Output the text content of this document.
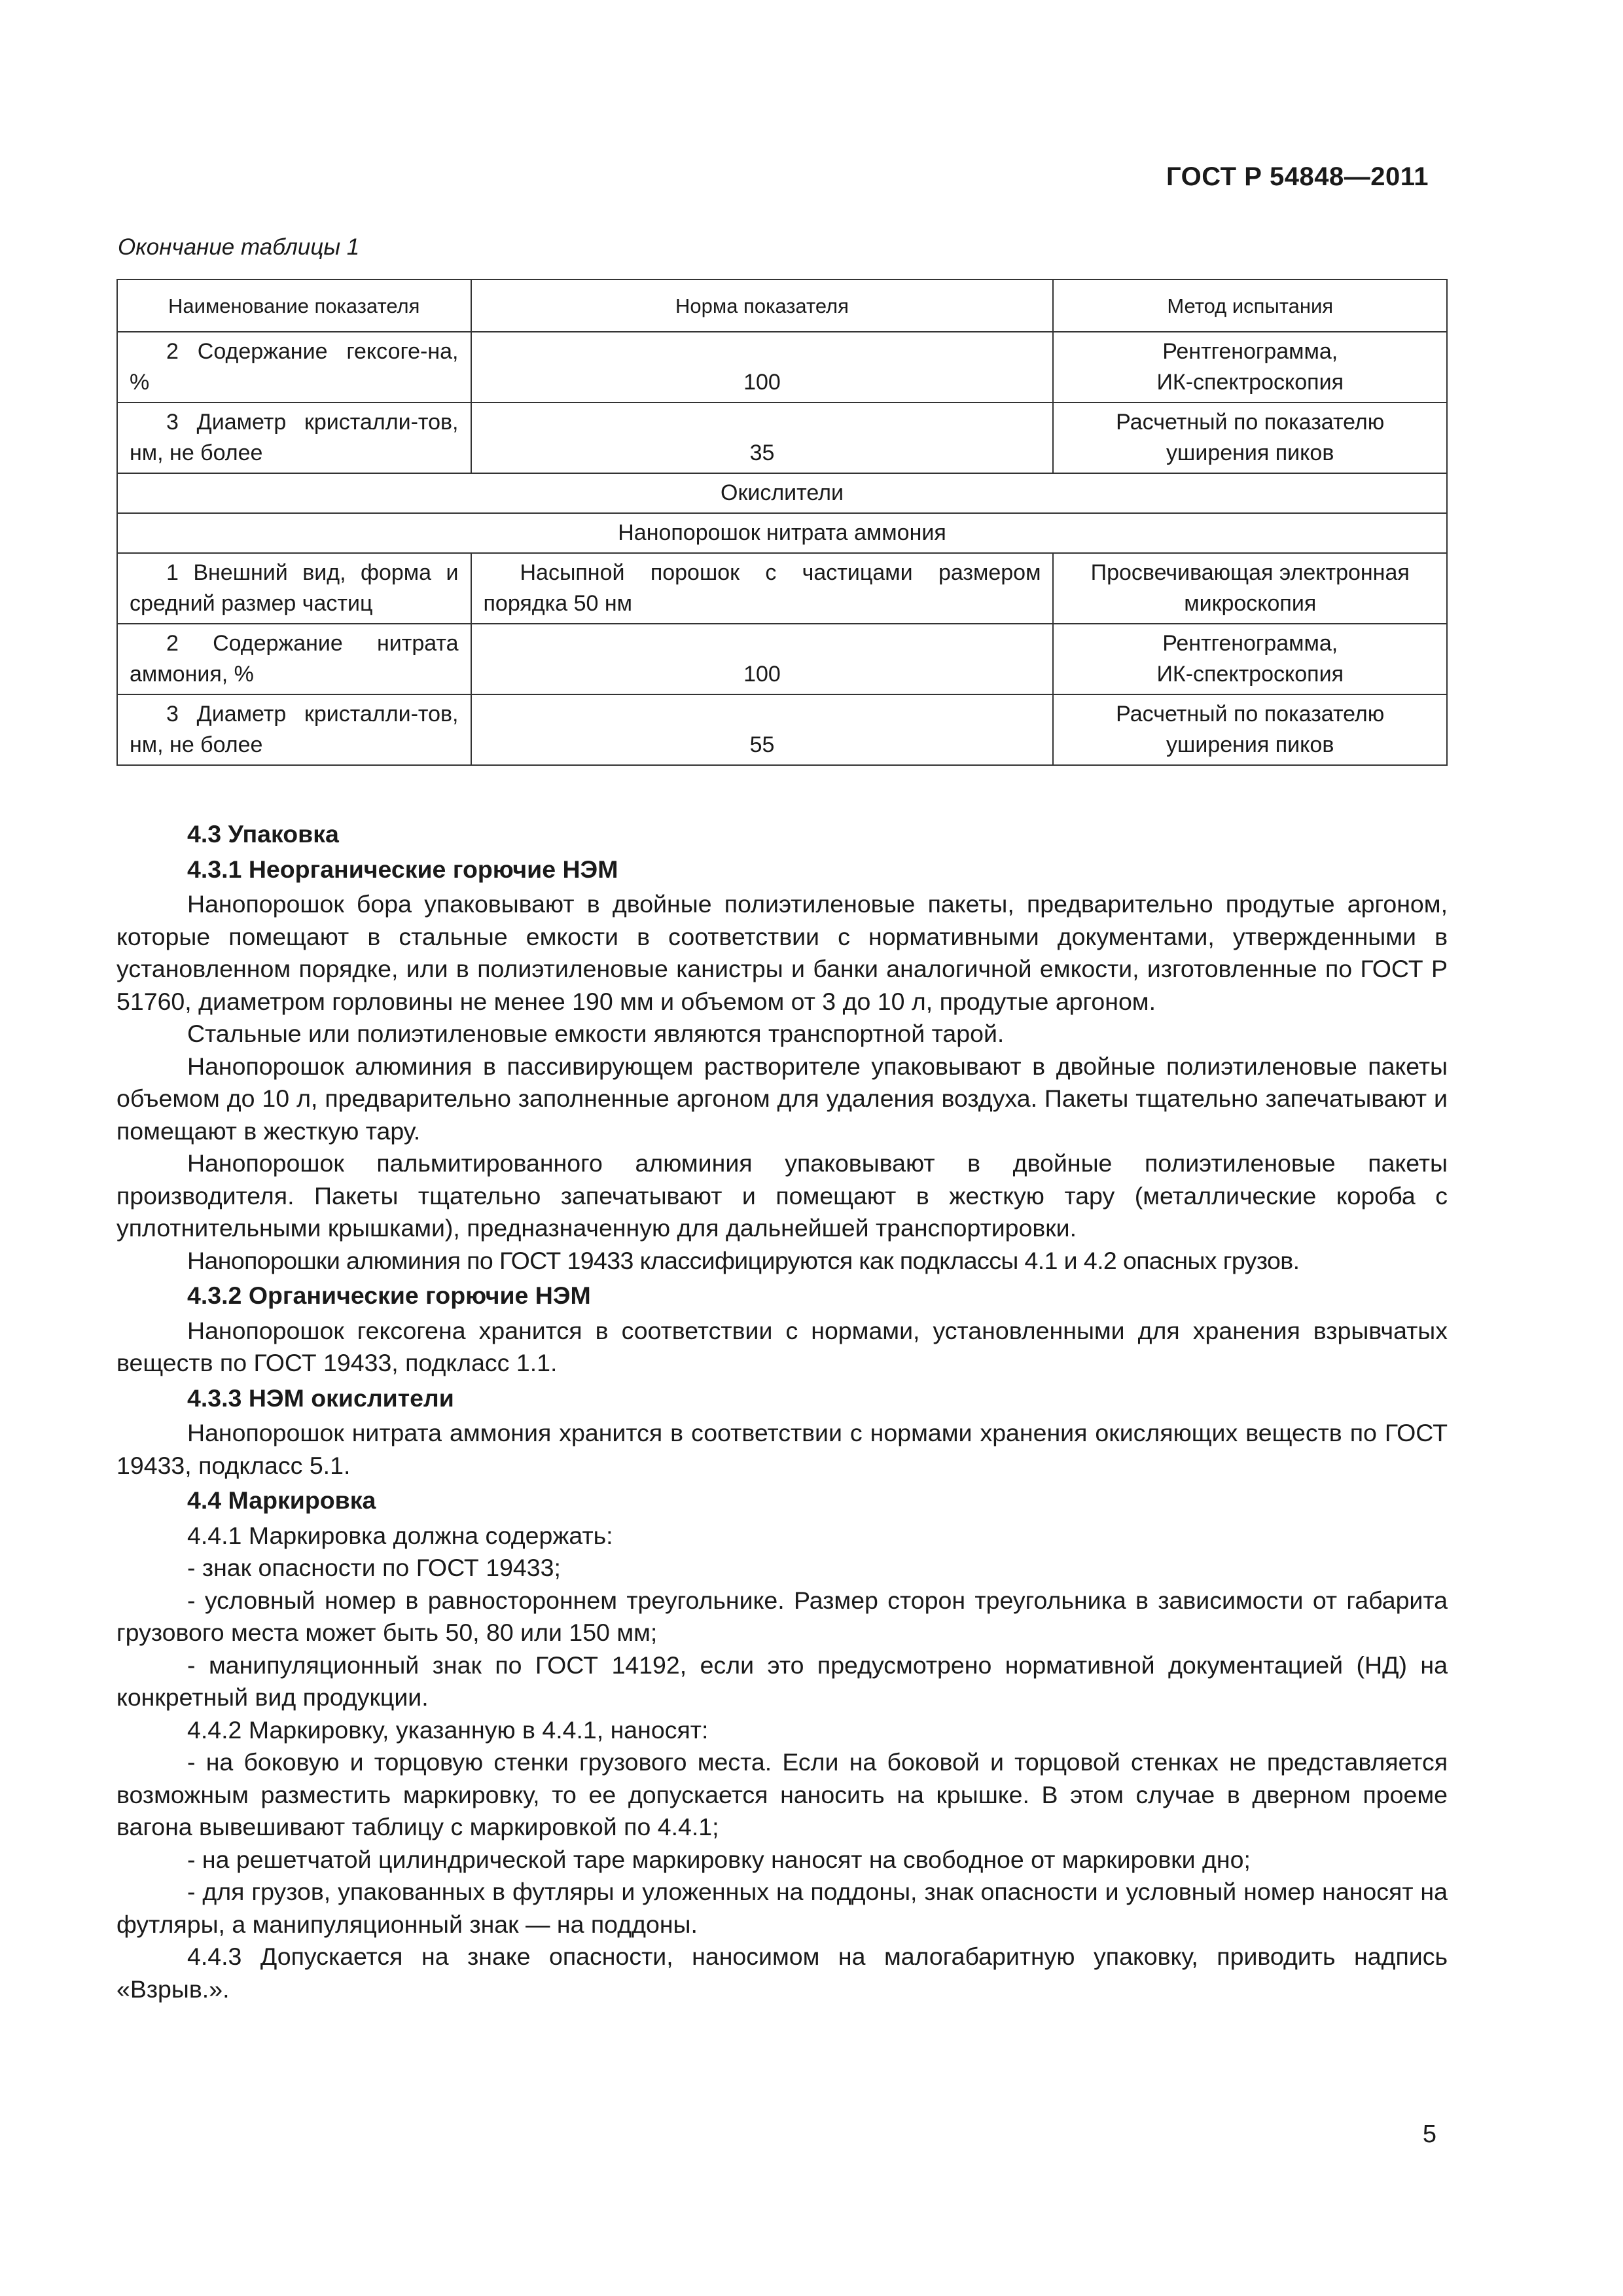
ГОСТ Р 54848—2011
Окончание таблицы 1
Наименование показателя	Норма показателя	Метод испытания

2 Содержание гексоге-на, %	100	Рентгенограмма,
ИК-спектроскопия

3 Диаметр кристалли-тов, нм, не более	35	Расчетный по показателю
уширения пиков

Окислители		
Нанопорошок нитрата аммония		

1 Внешний вид, форма и средний размер частиц	Насыпной порошок с частицами размером порядка 50 нм	Просвечивающая электронная
микроскопия

2 Содержание нитрата аммония, %	100	Рентгенограмма,
ИК-спектроскопия

3 Диаметр кристалли-тов, нм, не более	55	Расчетный по показателю
уширения пиков

4.3 Упаковка

4.3.1 Неорганические горючие НЭМ

Нанопорошок бора упаковывают в двойные полиэтиленовые пакеты, предварительно продутые аргоном, которые помещают в стальные емкости в соответствии с нормативными документами, утвержденными в установленном порядке, или в полиэтиленовые канистры и банки аналогичной емкости, изготовленные по ГОСТ Р 51760, диаметром горловины не менее 190 мм и объемом от 3 до 10 л, продутые аргоном.

Стальные или полиэтиленовые емкости являются транспортной тарой.

Нанопорошок алюминия в пассивирующем растворителе упаковывают в двойные полиэтиленовые пакеты объемом до 10 л, предварительно заполненные аргоном для удаления воздуха. Пакеты тщательно запечатывают и помещают в жесткую тару.

Нанопорошок пальмитированного алюминия упаковывают в двойные полиэтиленовые пакеты производителя. Пакеты тщательно запечатывают и помещают в жесткую тару (металлические короба с уплотнительными крышками), предназначенную для дальнейшей транспортировки.

Нанопорошки алюминия по ГОСТ 19433 классифицируются как подклассы 4.1 и 4.2 опасных грузов.

4.3.2 Органические горючие НЭМ

Нанопорошок гексогена хранится в соответствии с нормами, установленными для хранения взрывчатых веществ по ГОСТ 19433, подкласс 1.1.

4.3.3 НЭМ окислители

Нанопорошок нитрата аммония хранится в соответствии с нормами хранения окисляющих веществ по ГОСТ 19433, подкласс 5.1.

4.4 Маркировка

4.4.1 Маркировка должна содержать:

- знак опасности по ГОСТ 19433;

- условный номер в равностороннем треугольнике. Размер сторон треугольника в зависимости от габарита грузового места может быть 50, 80 или 150 мм;

- манипуляционный знак по ГОСТ 14192, если это предусмотрено нормативной документацией (НД) на конкретный вид продукции.

4.4.2 Маркировку, указанную в 4.4.1, наносят:

- на боковую и торцовую стенки грузового места. Если на боковой и торцовой стенках не представляется возможным разместить маркировку, то ее допускается наносить на крышке. В этом случае в дверном проеме вагона вывешивают таблицу с маркировкой по 4.4.1;

- на решетчатой цилиндрической таре маркировку наносят на свободное от маркировки дно;

- для грузов, упакованных в футляры и уложенных на поддоны, знак опасности и условный номер наносят на футляры, а манипуляционный знак — на поддоны.

4.4.3 Допускается на знаке опасности, наносимом на малогабаритную упаковку, приводить надпись «Взрыв.».

5
